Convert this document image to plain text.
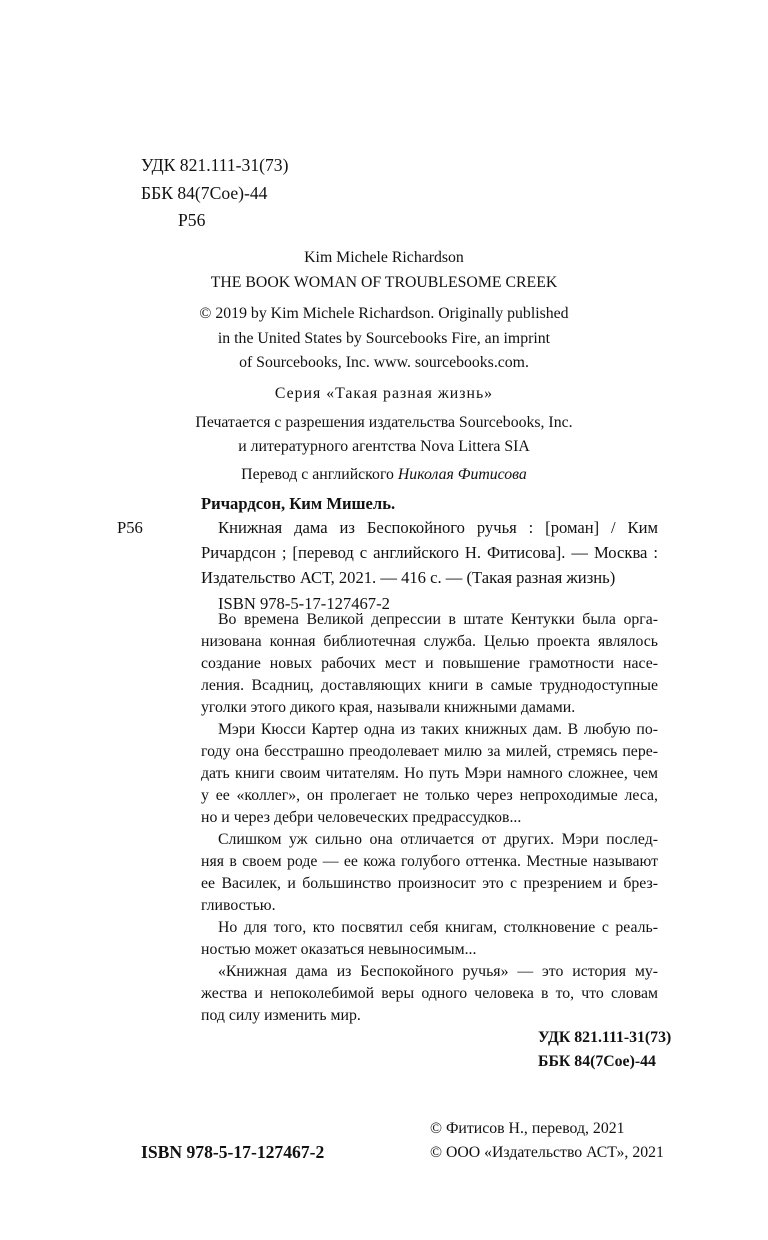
УДК 821.111-31(73)
ББК 84(7Сое)-44
Р56
Kim Michele Richardson
THE BOOK WOMAN OF TROUBLESOME CREEK
© 2019 by Kim Michele Richardson. Originally published
in the United States by Sourcebooks Fire, an imprint
of Sourcebooks, Inc. www. sourcebooks.com.
Серия «Такая разная жизнь»
Печатается с разрешения издательства Sourcebooks, Inc.
и литературного агентства Nova Littera SIA
Перевод с английского Николая Фитисова
Ричардсон, Ким Мишель.
Р56	Книжная дама из Беспокойного ручья : [роман] / Ким
Ричардсон ; [перевод с английского Н. Фитисова]. — Москва :
Издательство АСТ, 2021. — 416 с. — (Такая разная жизнь)
ISBN 978-5-17-127467-2
Во времена Великой депрессии в штате Кентукки была орга-
низована конная библиотечная служба. Целью проекта являлось
создание новых рабочих мест и повышение грамотности насе-
ления. Всадниц, доставляющих книги в самые труднодоступные
уголки этого дикого края, называли книжными дамами.
Мэри Кюсси Картер одна из таких книжных дам. В любую по-
году она бесстрашно преодолевает милю за милей, стремясь пере-
дать книги своим читателям. Но путь Мэри намного сложнее, чем
у ее «коллег», он пролегает не только через непроходимые леса,
но и через дебри человеческих предрассудков...
Слишком уж сильно она отличается от других. Мэри послед‑
няя в своем роде — ее кожа голубого оттенка. Местные называют
ее Василек, и большинство произносит это с презрением и брез-
гливостью.
Но для того, кто посвятил себя книгам, столкновение с реаль-
ностью может оказаться невыносимым...
«Книжная дама из Беспокойного ручья» — это история му-
жества и непоколебимой веры одного человека в то, что словам
под силу изменить мир.
УДК 821.111-31(73)
ББК 84(7Сое)-44
© Фитисов Н., перевод, 2021
ISBN 978-5-17-127467-2	© ООО «Издательство АСТ», 2021
